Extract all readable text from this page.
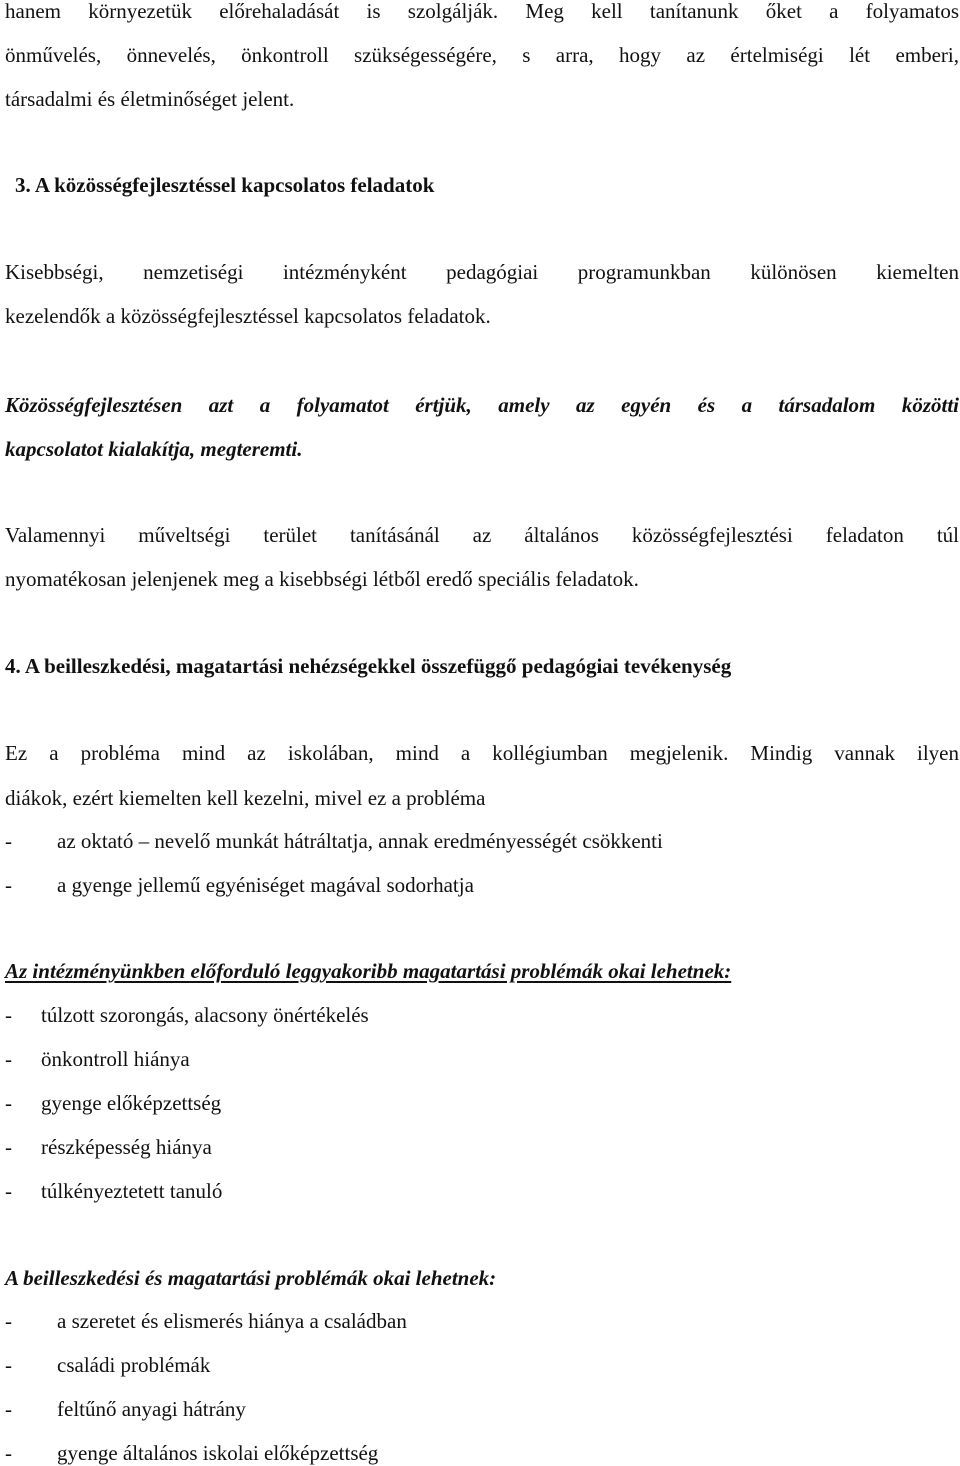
hanem környezetük előrehaladását is szolgálják. Meg kell tanítanunk őket a folyamatos

önművelés, önnevelés, önkontroll szükségességére, s arra, hogy az értelmiségi lét emberi,

társadalmi és életminőséget jelent.

3. A közösségfejlesztéssel kapcsolatos feladatok

Kisebbségi, nemzetiségi intézményként pedagógiai programunkban különösen kiemelten

kezelendők a közösségfejlesztéssel kapcsolatos feladatok.

Közösségfejlesztésen azt a folyamatot értjük, amely az egyén és a társadalom közötti

kapcsolatot kialakítja, megteremti.

Valamennyi műveltségi terület tanításánál az általános közösségfejlesztési feladaton túl

nyomatékosan jelenjenek meg a kisebbségi létből eredő speciális feladatok.

4. A beilleszkedési, magatartási nehézségekkel összefüggő pedagógiai tevékenység

Ez a probléma mind az iskolában, mind a kollégiumban megjelenik. Mindig vannak ilyen

diákok, ezért kiemelten kell kezelni, mivel ez a probléma

- az oktató – nevelő munkát hátráltatja, annak eredményességét csökkenti
- a gyenge jellemű egyéniséget magával sodorhatja

Az intézményünkben előforduló leggyakoribb magatartási problémák okai lehetnek:

- túlzott szorongás, alacsony önértékelés
- önkontroll hiánya
- gyenge előképzettség
- részképesség hiánya
- túlkényeztetett tanuló

A beilleszkedési és magatartási problémák okai lehetnek:

- a szeretet és elismerés hiánya a családban
- családi problémák
- feltűnő anyagi hátrány
- gyenge általános iskolai előképzettség
